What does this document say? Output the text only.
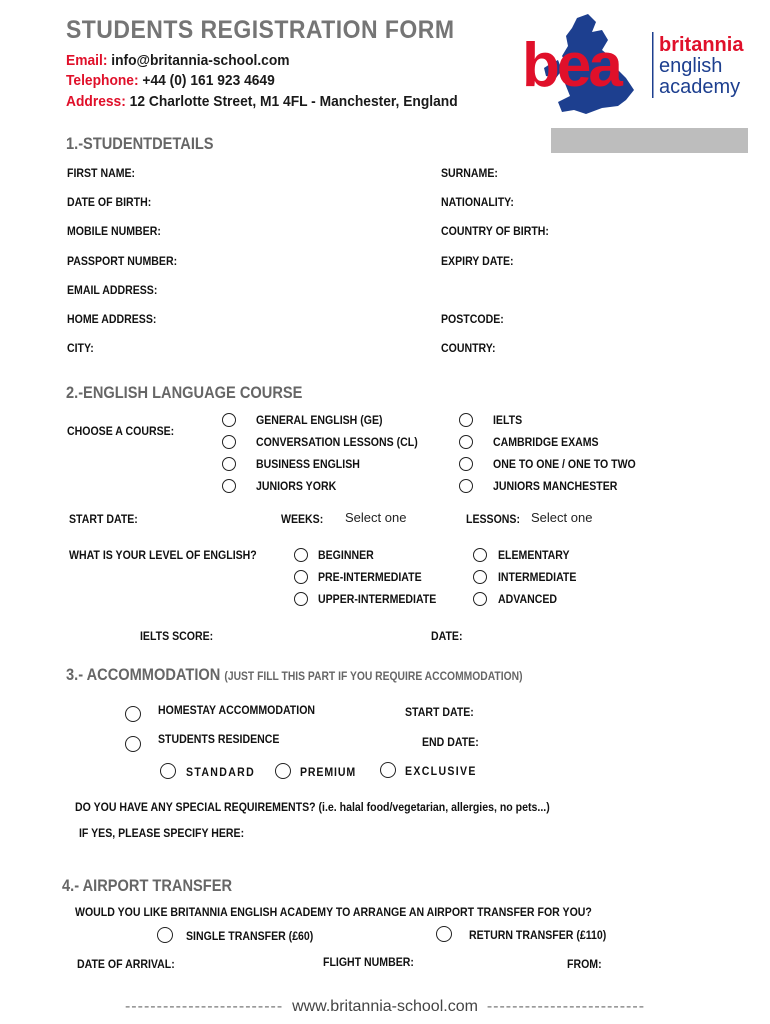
STUDENTS REGISTRATION FORM
Email: info@britannia-school.com
Telephone: +44 (0) 161 923 4649
Address: 12 Charlotte Street, M1 4FL - Manchester, England
bea britannia
english
academy
1.-STUDENTDETAILS
FIRST NAME:	SURNAME:
DATE OF BIRTH:	NATIONALITY:
MOBILE NUMBER:	COUNTRY OF BIRTH:
PASSPORT NUMBER:	EXPIRY DATE:
EMAIL ADDRESS:
HOME ADDRESS:	POSTCODE:
CITY:	COUNTRY:
2.-ENGLISH LANGUAGE COURSE
CHOOSE A COURSE:
GENERAL ENGLISH (GE)
CONVERSATION LESSONS (CL)
BUSINESS ENGLISH
JUNIORS YORK
IELTS
CAMBRIDGE EXAMS
ONE TO ONE / ONE TO TWO
JUNIORS MANCHESTER
START DATE:	WEEKS: Select one	LESSONS: Select one
WHAT IS YOUR LEVEL OF ENGLISH?	BEGINNER
PRE-INTERMEDIATE
UPPER-INTERMEDIATE
ELEMENTARY
INTERMEDIATE
ADVANCED
IELTS SCORE:	DATE:
3.- ACCOMMODATION (JUST FILL THIS PART IF YOU REQUIRE ACCOMMODATION)
HOMESTAY ACCOMMODATION	START DATE:
STUDENTS RESIDENCE	END DATE:
STANDARD	PREMIUM	EXCLUSIVE
DO YOU HAVE ANY SPECIAL REQUIREMENTS? (i.e. halal food/vegetarian, allergies, no pets...)
IF YES, PLEASE SPECIFY HERE:
4.- AIRPORT TRANSFER
WOULD YOU LIKE BRITANNIA ENGLISH ACADEMY TO ARRANGE AN AIRPORT TRANSFER FOR YOU?
SINGLE TRANSFER (£60)	RETURN TRANSFER (£110)
DATE OF ARRIVAL:	FLIGHT NUMBER:	FROM:
------------------------- www.britannia-school.com -------------------------
